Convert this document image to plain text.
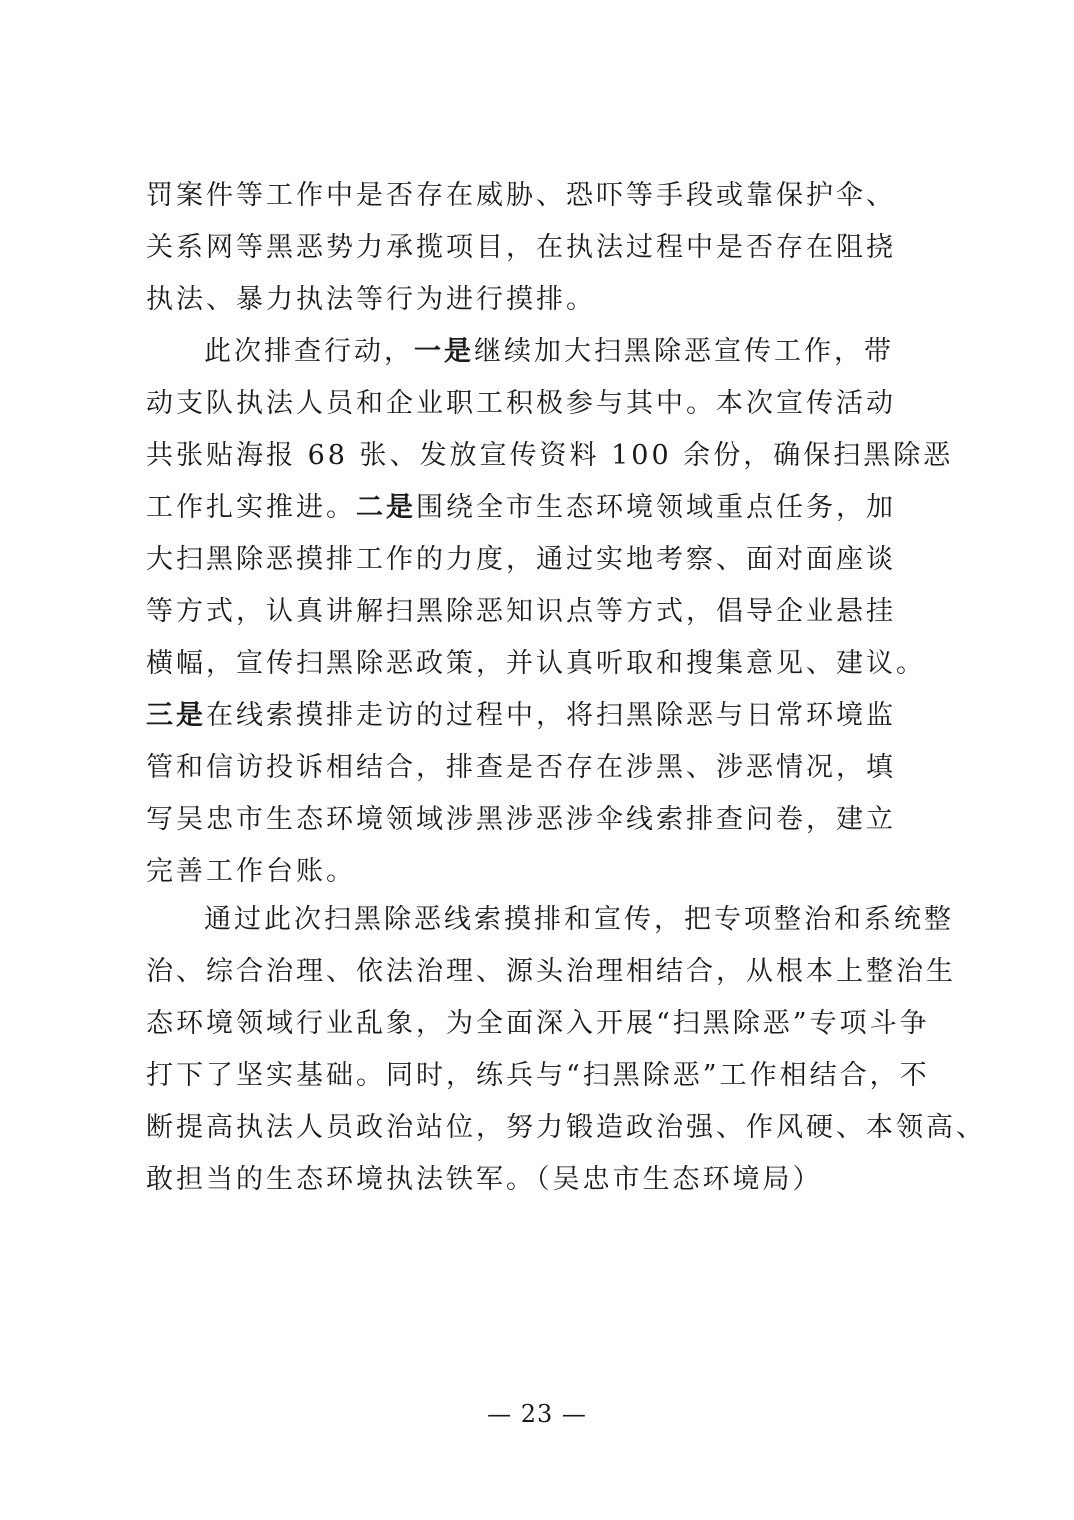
罚案件等工作中是否存在威胁、恐吓等手段或靠保护伞、
关系网等黑恶势力承揽项目，在执法过程中是否存在阻挠
执法、暴力执法等行为进行摸排。
此次排查行动，一是继续加大扫黑除恶宣传工作，带
动支队执法人员和企业职工积极参与其中。本次宣传活动
共张贴海报 68 张、发放宣传资料 100 余份，确保扫黑除恶
工作扎实推进。二是围绕全市生态环境领域重点任务，加
大扫黑除恶摸排工作的力度，通过实地考察、面对面座谈
等方式，认真讲解扫黑除恶知识点等方式，倡导企业悬挂
横幅，宣传扫黑除恶政策，并认真听取和搜集意见、建议。
三是在线索摸排走访的过程中，将扫黑除恶与日常环境监
管和信访投诉相结合，排查是否存在涉黑、涉恶情况，填
写吴忠市生态环境领域涉黑涉恶涉伞线索排查问卷，建立
完善工作台账。
通过此次扫黑除恶线索摸排和宣传，把专项整治和系统整
治、综合治理、依法治理、源头治理相结合，从根本上整治生
态环境领域行业乱象，为全面深入开展“扫黑除恶”专项斗争
打下了坚实基础。同时，练兵与“扫黑除恶”工作相结合，不
断提高执法人员政治站位，努力锻造政治强、作风硬、本领高、
敢担当的生态环境执法铁军。（吴忠市生态环境局）
— 23 —
